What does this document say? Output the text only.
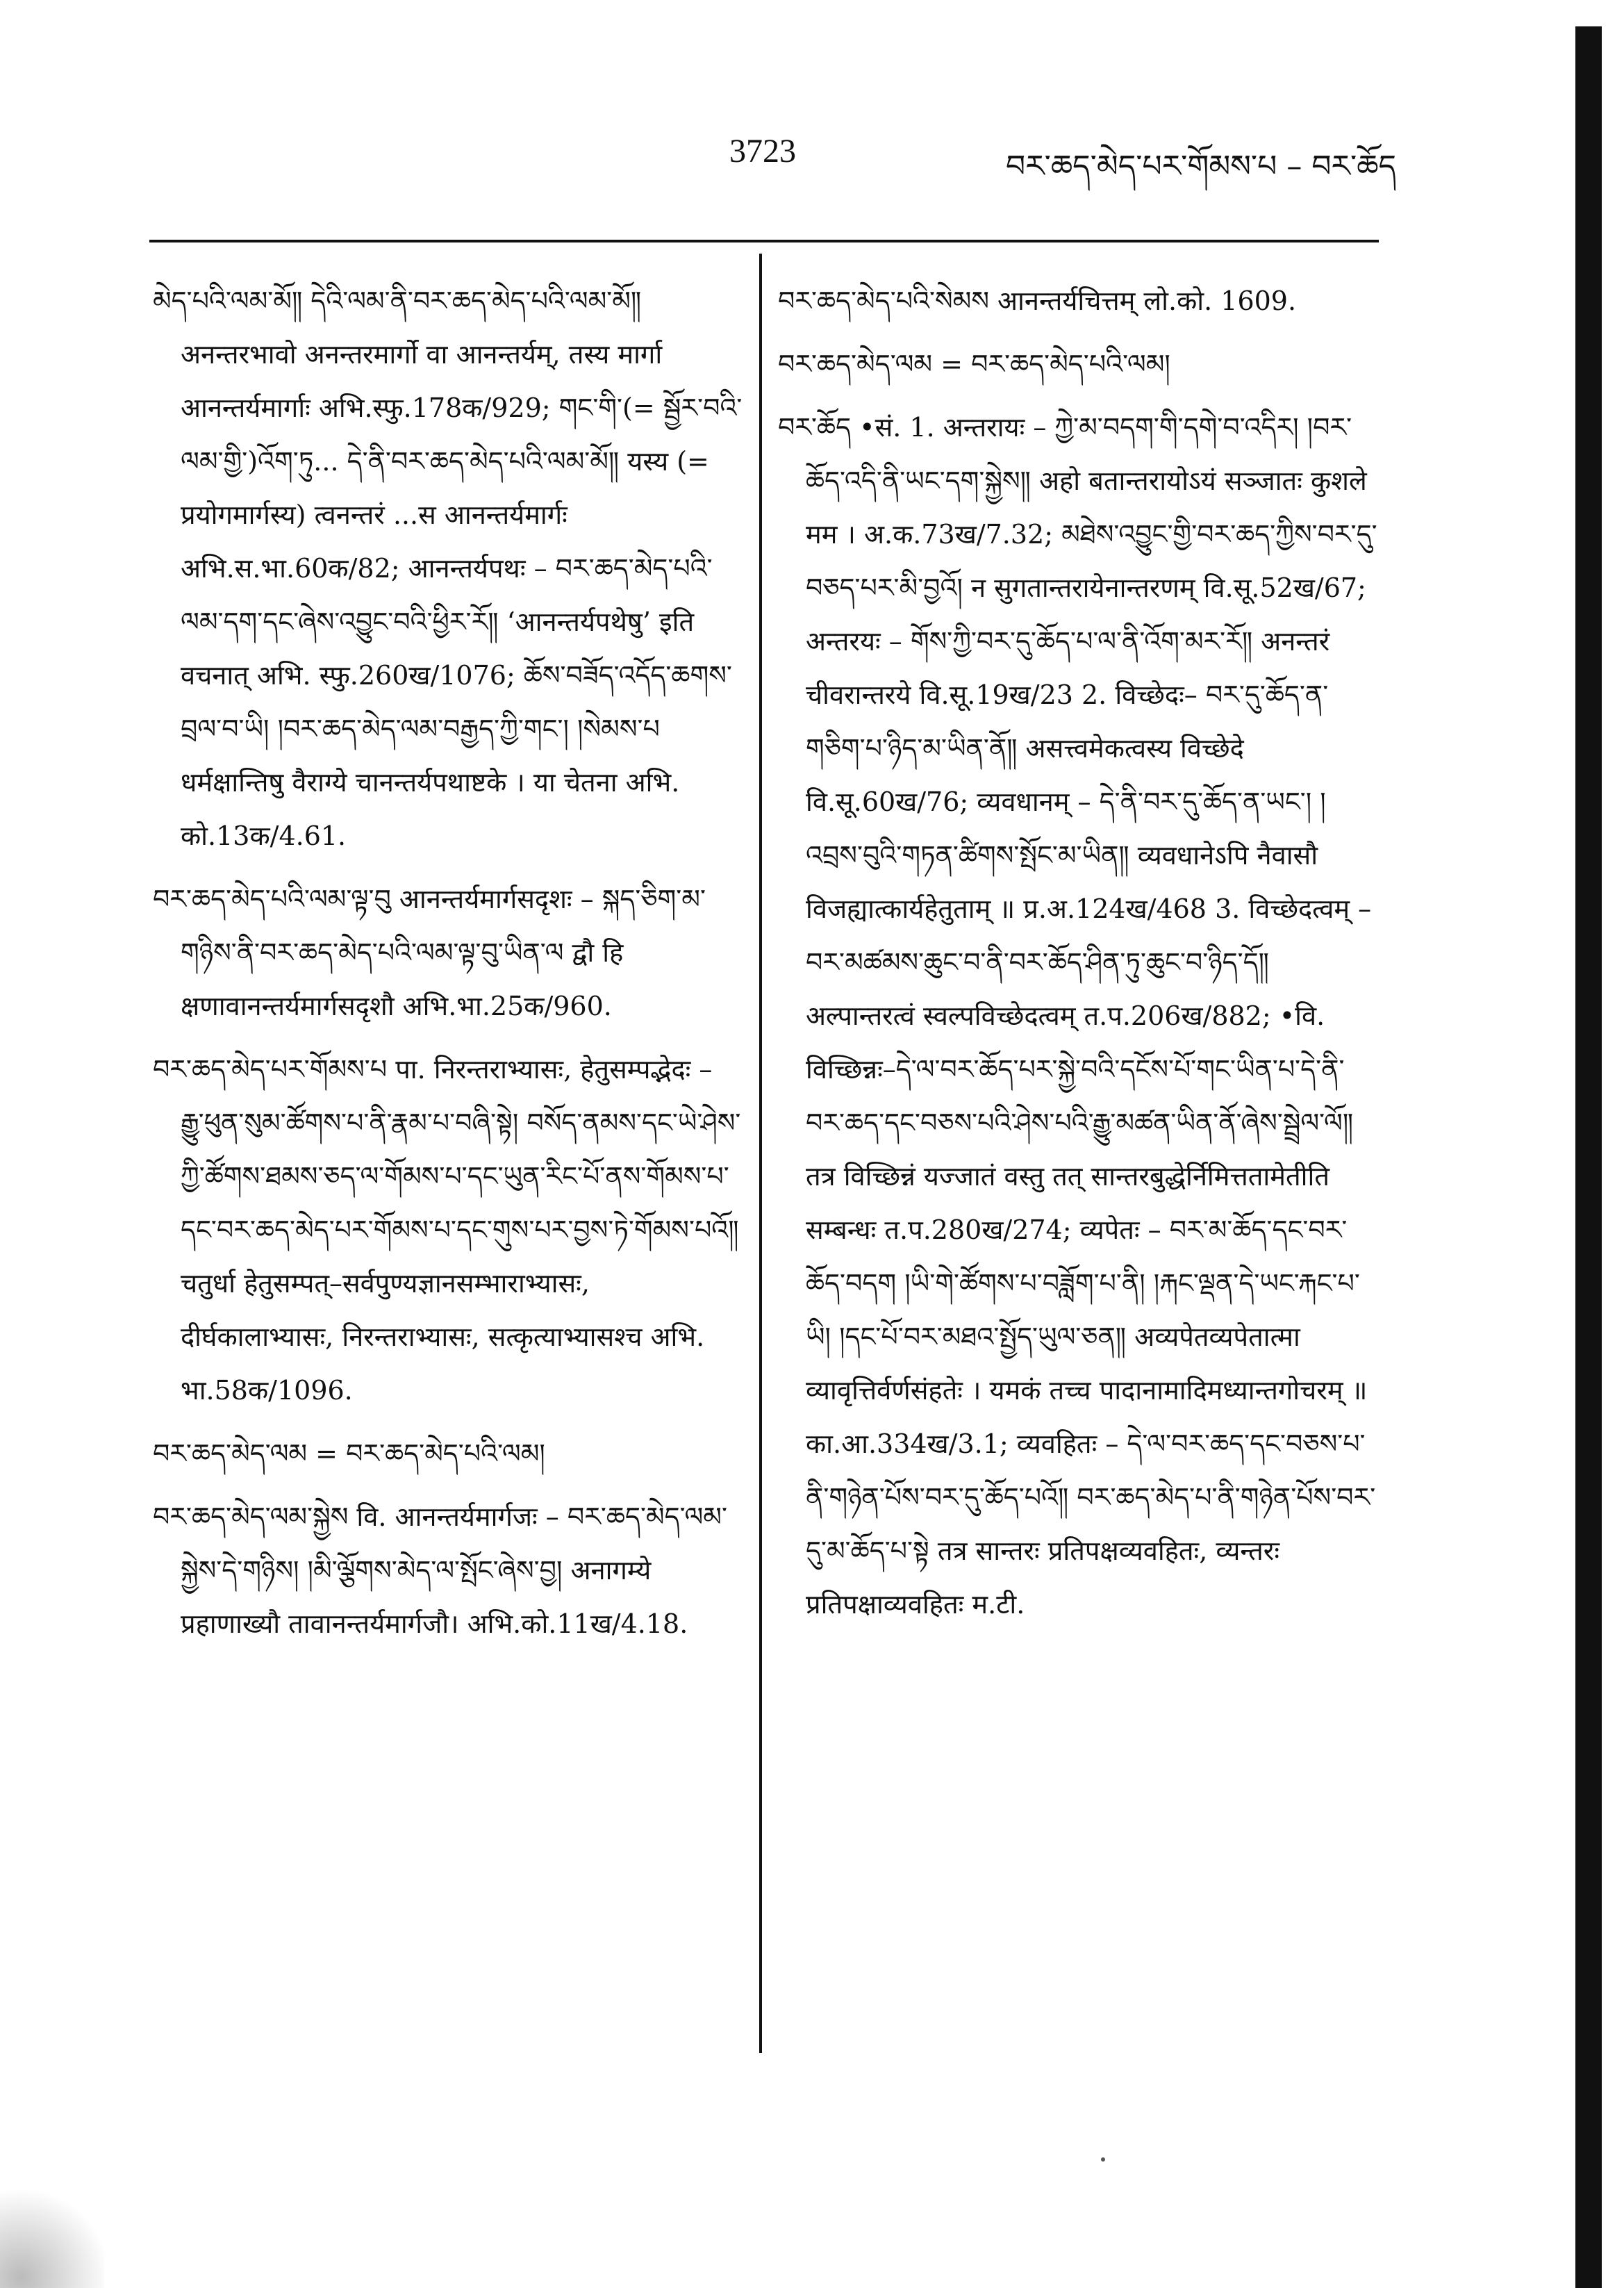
3723	བར་ཆད་མེད་པར་གོམས་པ – བར་ཆོད

མེད་པའི་ལམ་མོ༎ དེའི་ལམ་ནི་བར་ཆད་མེད་པའི་ལམ་མོ༎ अनन्तरभावो अनन्तरमार्गो वा आनन्तर्यम्, तस्य मार्गा आनन्तर्यमार्गाः अभि.स्फु.178क/929; གང་གི་(= སྦྱོར་བའི་ལམ་གྱི་)འོག་ཏུ... དེ་ནི་བར་ཆད་མེད་པའི་ལམ་མོ༎ यस्य (= प्रयोगमार्गस्य) त्वनन्तरं ...स आनन्तर्यमार्गः अभि.स.भा.60क/82; आनन्तर्यपथः – བར་ཆད་མེད་པའི་ལམ་དག་དང་ཞེས་འབྱུང་བའི་ཕྱིར་རོ༎ ‘आनन्तर्यपथेषु’ इति वचनात् अभि. स्फु.260ख/1076; ཆོས་བཟོད་འདོད་ཆགས་བྲལ་བ་ཡི། །བར་ཆད་མེད་ལམ་བརྒྱད་ཀྱི་གང་། །སེམས་པ धर्मक्षान्तिषु वैराग्ये चानन्तर्यपथाष्टके । या चेतना अभि. को.13क/4.61.

བར་ཆད་མེད་པའི་ལམ་ལྟ་བུ आनन्तर्यमार्गसदृशः – སྐད་ཅིག་མ་གཉིས་ནི་བར་ཆད་མེད་པའི་ལམ་ལྟ་བུ་ཡིན་ལ द्वौ हि क्षणावानन्तर्यमार्गसदृशौ अभि.भा.25क/960.

བར་ཆད་མེད་པར་གོམས་པ पा. निरन्तराभ्यासः, हेतुसम्पद्भेदः – རྒྱུ་ཕུན་སུམ་ཚོགས་པ་ནི་རྣམ་པ་བཞི་སྟེ། བསོད་ནམས་དང་ཡེ་ཤེས་ཀྱི་ཚོགས་ཐམས་ཅད་ལ་གོམས་པ་དང་ཡུན་རིང་པོ་ནས་གོམས་པ་དང་བར་ཆད་མེད་པར་གོམས་པ་དང་གུས་པར་བྱས་ཏེ་གོམས་པའོ༎ चतुर्धा हेतुसम्पत्–सर्वपुण्यज्ञानसम्भाराभ्यासः, दीर्घकालाभ्यासः, निरन्तराभ्यासः, सत्कृत्याभ्यासश्च अभि. भा.58क/1096.

བར་ཆད་མེད་ལམ = བར་ཆད་མེད་པའི་ལམ།

བར་ཆད་མེད་ལམ་སྐྱེས वि. आनन्तर्यमार्गजः – བར་ཆད་མེད་ལམ་སྐྱེས་དེ་གཉིས། །མི་ལྕོགས་མེད་ལ་སྤོང་ཞེས་བྱ། अनागम्ये प्रहाणाख्यौ तावानन्तर्यमार्गजौ। अभि.को.11ख/4.18.

བར་ཆད་མེད་པའི་སེམས आनन्तर्यचित्तम् लो.को. 1609.

བར་ཆད་མེད་ལམ = བར་ཆད་མེད་པའི་ལམ།

བར་ཆོད •सं. 1. अन्तरायः – ཀྱེ་མ་བདག་གི་དགེ་བ་འདིར། །བར་ཆོད་འདི་ནི་ཡང་དག་སྐྱེས༎ अहो बतान्तरायोऽयं सञ्जातः कुशले मम । अ.क.73ख/7.32; མཐེས་འབྱུང་གྱི་བར་ཆད་ཀྱིས་བར་དུ་བཅད་པར་མི་བྱའོ། न सुगतान्तरायेनान्तरणम् वि.सू.52ख/67; अन्तरयः – གོས་ཀྱི་བར་དུ་ཆོད་པ་ལ་ནི་འོག་མར་རོ༎ अनन्तरं चीवरान्तरये वि.सू.19ख/23 2. विच्छेदः– བར་དུ་ཆོད་ན་གཅིག་པ་ཉིད་མ་ཡིན་ནོ༎ असत्त्वमेकत्वस्य विच्छेदे वि.सू.60ख/76; व्यवधानम् – དེ་ནི་བར་དུ་ཆོད་ན་ཡང་། །འབྲས་བུའི་གཏན་ཚིགས་སྤོང་མ་ཡིན༎ व्यवधानेऽपि नैवासौ विजह्यात्कार्यहेतुताम् ॥ प्र.अ.124ख/468 3. विच्छेदत्वम् – བར་མཚམས་ཆུང་བ་ནི་བར་ཆོད་ཤིན་ཏུ་ཆུང་བ་ཉིད་དོ༎ अल्पान्तरत्वं स्वल्पविच्छेदत्वम् त.प.206ख/882; •वि. विच्छिन्नः–དེ་ལ་བར་ཆོད་པར་སྐྱེ་བའི་དངོས་པོ་གང་ཡིན་པ་དེ་ནི་བར་ཆད་དང་བཅས་པའི་ཤེས་པའི་རྒྱུ་མཚན་ཡིན་ནོ་ཞེས་སྦྲེལ་ལོ༎ तत्र विच्छिन्नं यज्जातं वस्तु तत् सान्तरबुद्धेर्निमित्ततामेतीति सम्बन्धः त.प.280ख/274; व्यपेतः – བར་མ་ཆོད་དང་བར་ཆོད་བདག །ཡི་གེ་ཚོགས་པ་བཟློག་པ་ནི། །རྐང་ལྡན་དེ་ཡང་རྐང་པ་ཡི། །དང་པོ་བར་མཐའ་སྤྱོད་ཡུལ་ཅན༎ अव्यपेतव्यपेतात्मा व्यावृत्तिर्वर्णसंहतेः । यमकं तच्च पादानामादिमध्यान्तगोचरम् ॥ का.आ.334ख/3.1; व्यवहितः – དེ་ལ་བར་ཆད་དང་བཅས་པ་ནི་གཉེན་པོས་བར་དུ་ཆོད་པའོ༎ བར་ཆད་མེད་པ་ནི་གཉེན་པོས་བར་དུ་མ་ཆོད་པ་སྟེ तत्र सान्तरः प्रतिपक्षव्यवहितः, व्यन्तरः प्रतिपक्षाव्यवहितः म.टी.
